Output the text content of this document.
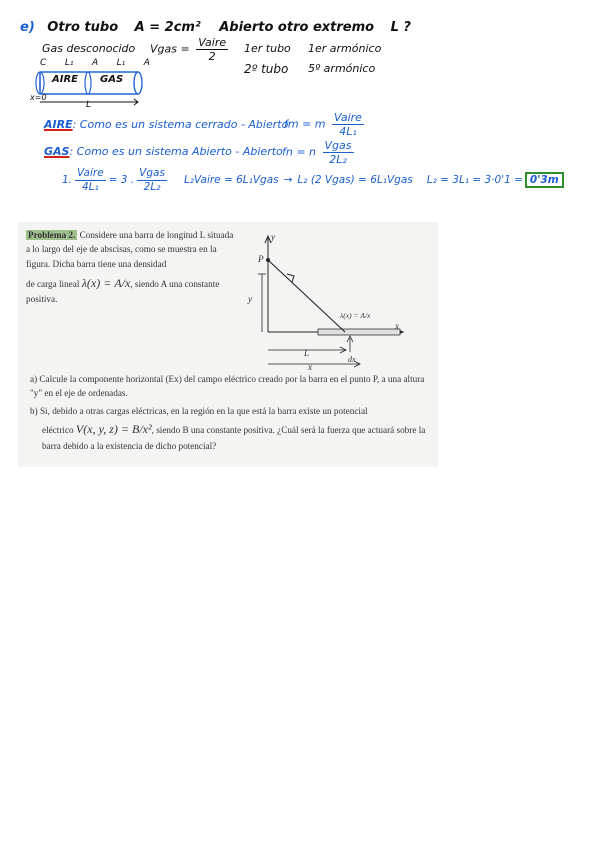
e) Otro tubo A = 2cm² Abierto otro extremo L ?
Gas desconocido Vgas = $\frac{\text{Vaire}}{2} 1er$ tubo 1er armónico
2º tubo 5º armónico
C L₁ A L₁ A
AIRE GAS
x=0
L
AIRE: Como es un sistema cerrado - Abierto
fm = m $\frac{\text{Vaire}}{\text{4L₁}}$
GAS: Como es un sistema Abierto - Abierto fn = n $\frac{\text{Vgas}}{\text{2L₂}}$
1. $\frac{\text{Vaire}}{\text{4L₁}} = 3$ . $\frac{\text{Vgas}}{\text{2L₂}}$ L₂Vaire = 6L₁Vgas → L₂ (2 Vgas) = 6L₁Vgas L₂ = 3L₁ = 3·0'1 = 0'3m
Problema 2. Considere una barra de longitud L situada a lo largo del eje de abscisas, como se muestra en la figura. Dicha barra tiene una densidad
de carga lineal λ(x) = A/x, siendo A una constante
positiva.
y
x
P
y
L
x
λ(x) = A/x
dx
a) Calcule la componente horizontal (Ex) del campo eléctrico creado por la barra en el punto P, a una altura "y" en el eje de ordenadas.
b) Si, debido a otras cargas eléctricas, en la región en la que está la barra existe un potencial
eléctrico V(x, y, z) = B/x², siendo B una constante positiva. ¿Cuál será la fuerza que actuará sobre la barra debido a la existencia de dicho potencial?
